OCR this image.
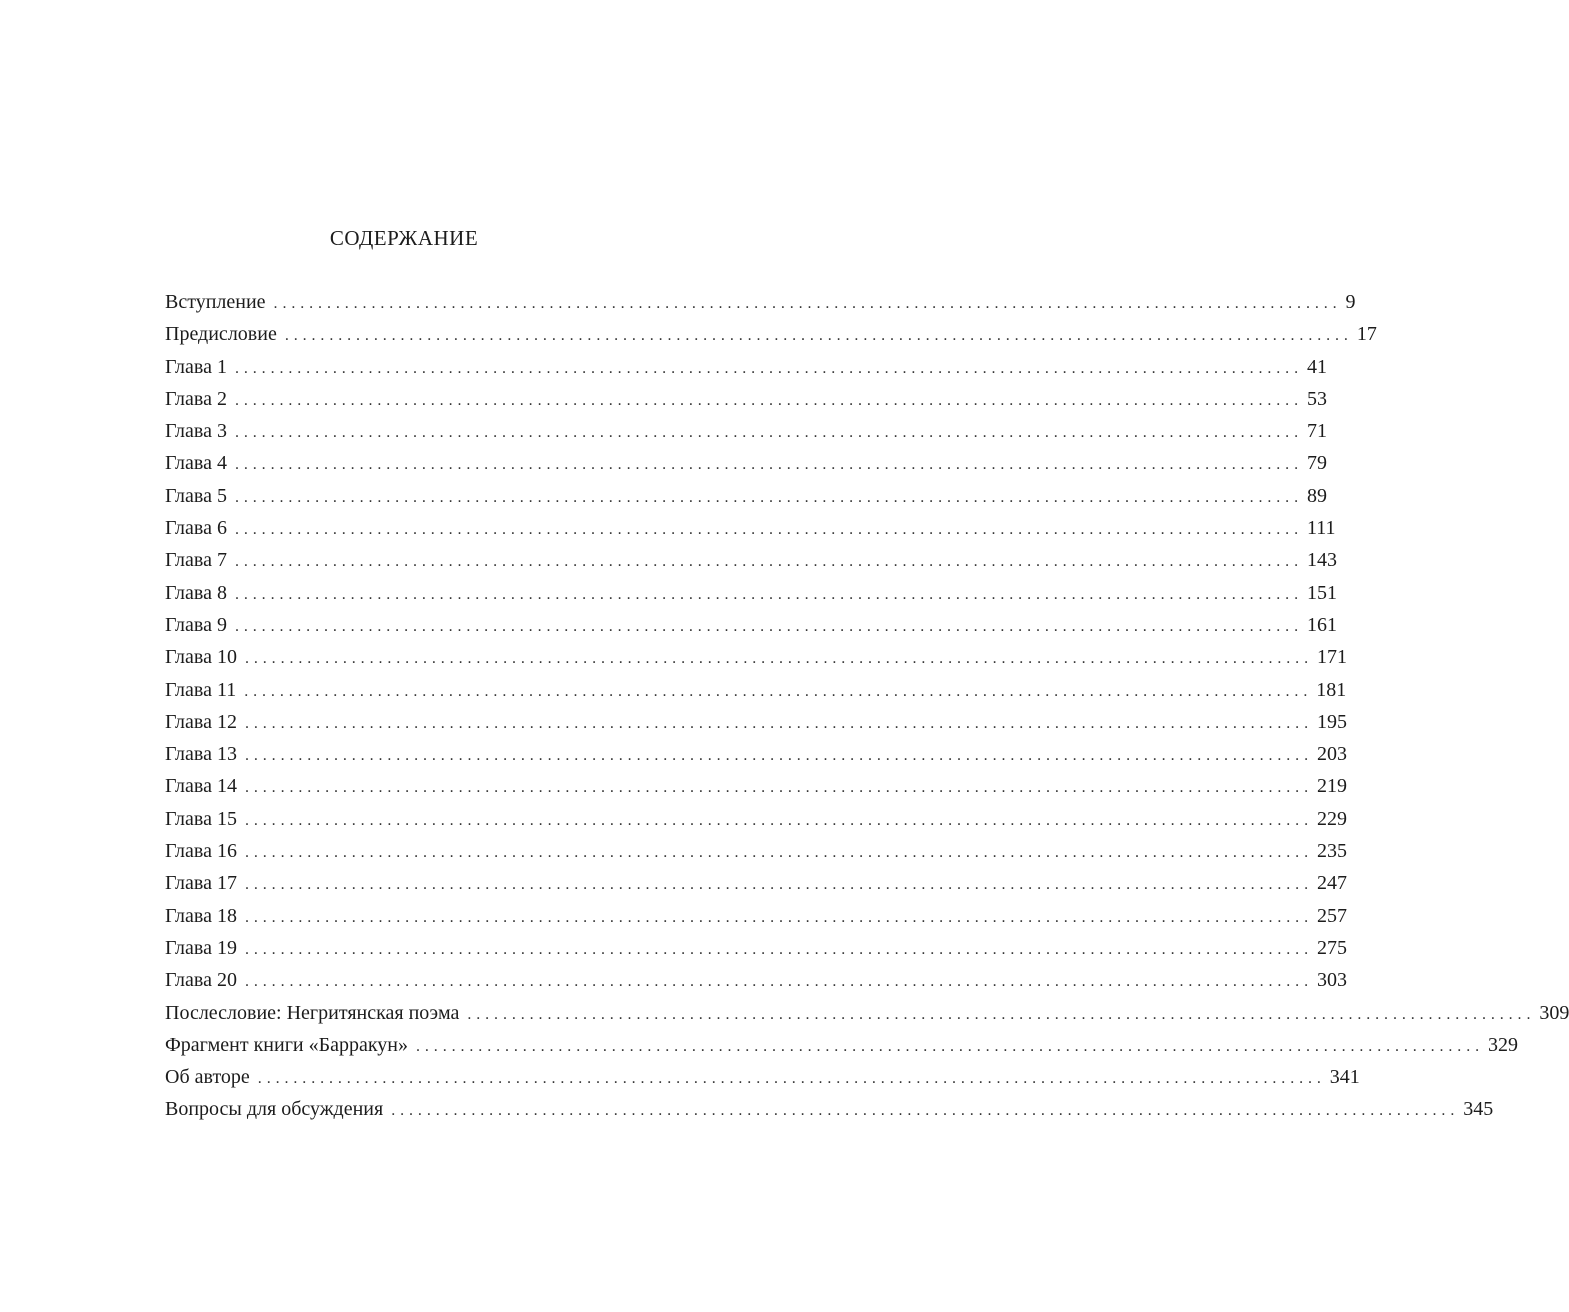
СОДЕРЖАНИЕ
Вступление ........................................................................................................................ 9
Предисловие ........................................................................................................................ 17
Глава 1 ........................................................................................................................ 41
Глава 2 ........................................................................................................................ 53
Глава 3 ........................................................................................................................ 71
Глава 4 ........................................................................................................................ 79
Глава 5 ........................................................................................................................ 89
Глава 6 ........................................................................................................................ 111
Глава 7 ........................................................................................................................ 143
Глава 8 ........................................................................................................................ 151
Глава 9 ........................................................................................................................ 161
Глава 10 ........................................................................................................................ 171
Глава 11 ........................................................................................................................ 181
Глава 12 ........................................................................................................................ 195
Глава 13 ........................................................................................................................ 203
Глава 14 ........................................................................................................................ 219
Глава 15 ........................................................................................................................ 229
Глава 16 ........................................................................................................................ 235
Глава 17 ........................................................................................................................ 247
Глава 18 ........................................................................................................................ 257
Глава 19 ........................................................................................................................ 275
Глава 20 ........................................................................................................................ 303
Послесловие: Негритянская поэма ........................................................................................................................ 309
Фрагмент книги «Барракун» ........................................................................................................................ 329
Об авторе ........................................................................................................................ 341
Вопросы для обсуждения ........................................................................................................................ 345
